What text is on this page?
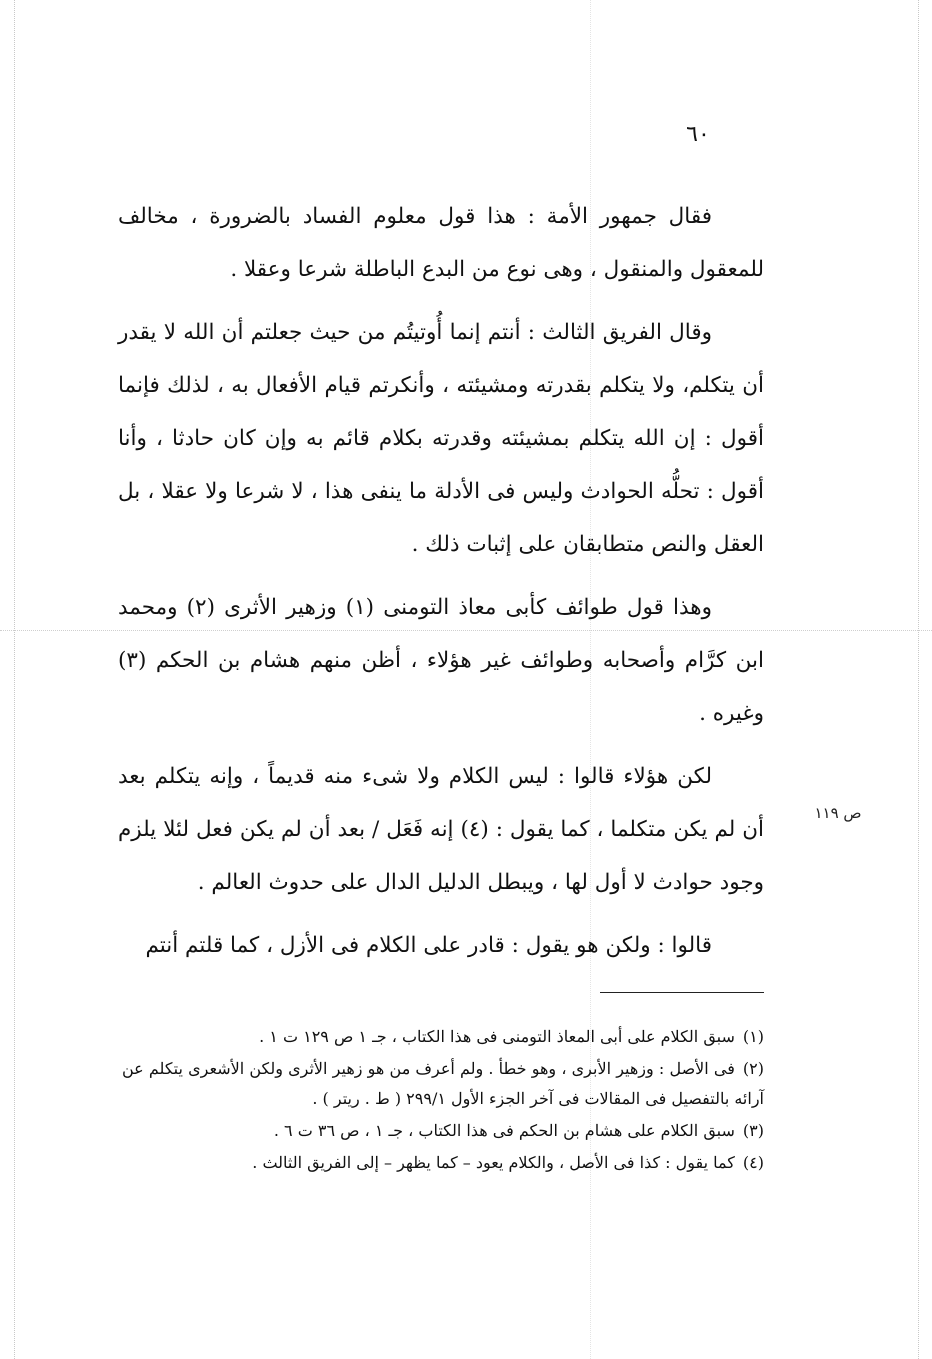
٦٠

فقال جمهور الأمة : هذا قول معلوم الفساد بالضرورة ، مخالف للمعقول والمنقول ، وهى نوع من البدع الباطلة شرعا وعقلا .

وقال الفريق الثالث : أنتم إنما أُوتيتُم من حيث جعلتم أن الله لا يقدر أن يتكلم، ولا يتكلم بقدرته ومشيئته ، وأنكرتم قيام الأفعال به ، لذلك فإنما أقول : إن الله يتكلم بمشيئته وقدرته بكلام قائم به وإن كان حادثا ، وأنا أقول : تحلُّه الحوادث وليس فى الأدلة ما ينفى هذا ، لا شرعا ولا عقلا ، بل العقل والنص متطابقان على إثبات ذلك .

وهذا قول طوائف كأبى معاذ التومنى (١) وزهير الأثرى (٢) ومحمد ابن كرَّام وأصحابه وطوائف غير هؤلاء ، أظن منهم هشام بن الحكم (٣) وغيره .

لكن هؤلاء قالوا : ليس الكلام ولا شىء منه قديماً ، وإنه يتكلم بعد أن لم يكن متكلما ، كما يقول : (٤) إنه فَعَل / بعد أن لم يكن فعل لئلا يلزم وجود حوادث لا أول لها ، ويبطل الدليل الدال على حدوث العالم .

قالوا : ولكن هو يقول : قادر على الكلام فى الأزل ، كما قلتم أنتم

ص ١١٩

(١)سبق الكلام على أبى المعاذ التومنى فى هذا الكتاب ، جـ ١ ص ١٢٩ ت ١ .

(٢)فى الأصل : وزهير الأبرى ، وهو خطأ . ولم أعرف من هو زهير الأثرى ولكن الأشعرى يتكلم عن آرائه بالتفصيل فى المقالات فى آخر الجزء الأول ٢٩٩/١ ( ط . ريتر ) .

(٣)سبق الكلام على هشام بن الحكم فى هذا الكتاب ، جـ ١ ، ص ٣٦ ت ٦ .

(٤)كما يقول : كذا فى الأصل ، والكلام يعود – كما يظهر – إلى الفريق الثالث .
